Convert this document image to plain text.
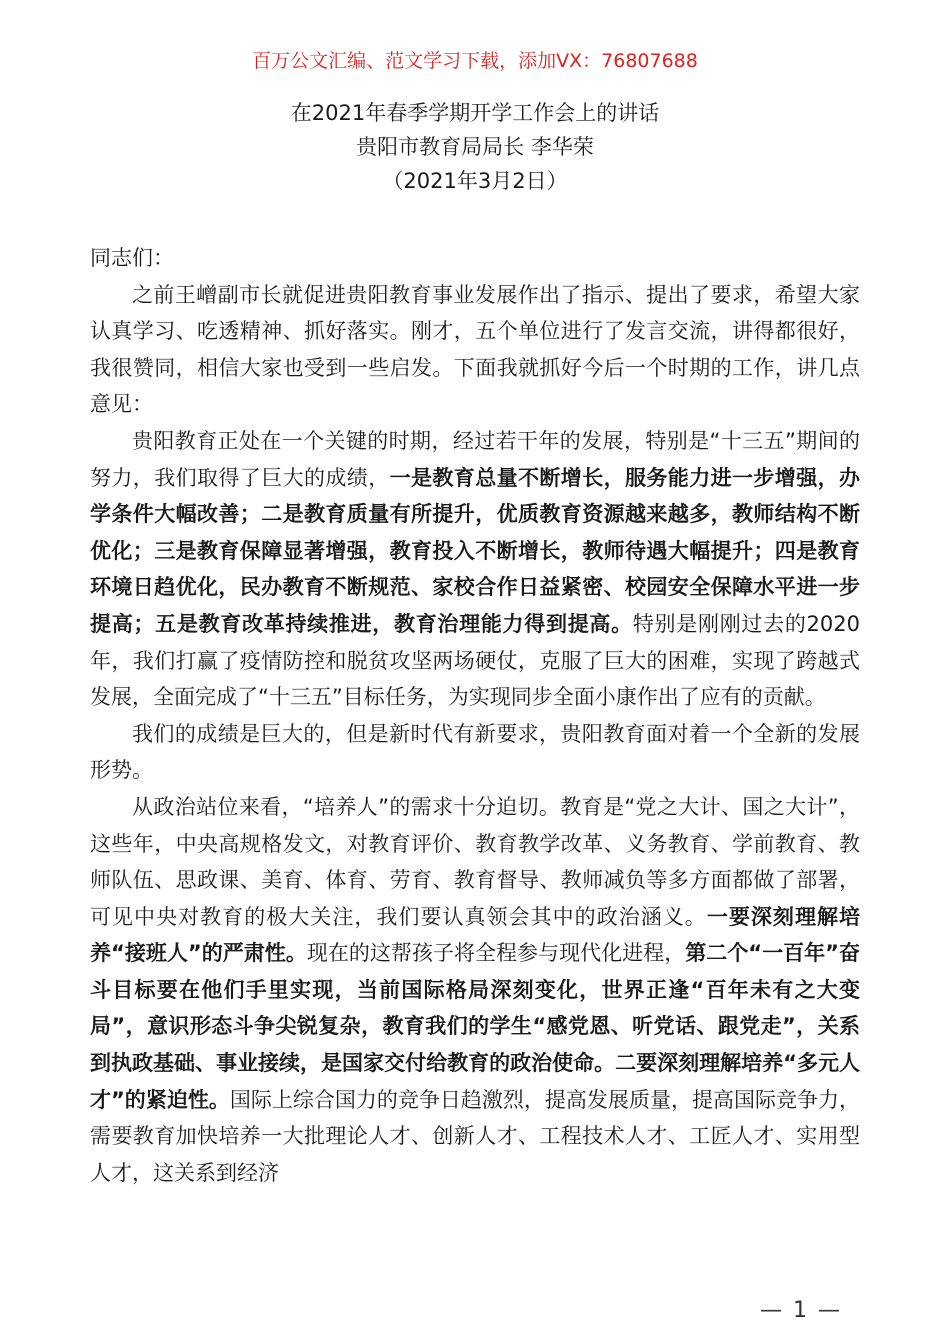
百万公文汇编、范文学习下载，添加VX：76807688
在2021年春季学期开学工作会上的讲话
贵阳市教育局局长 李华荣
（2021年3月2日）

同志们：

之前王嶒副市长就促进贵阳教育事业发展作出了指示、提出了要求，希望大家认真学习、吃透精神、抓好落实。刚才，五个单位进行了发言交流，讲得都很好，我很赞同，相信大家也受到一些启发。下面我就抓好今后一个时期的工作，讲几点意见：

贵阳教育正处在一个关键的时期，经过若干年的发展，特别是“十三五”期间的努力，我们取得了巨大的成绩，一是教育总量不断增长，服务能力进一步增强，办学条件大幅改善；二是教育质量有所提升，优质教育资源越来越多，教师结构不断优化；三是教育保障显著增强，教育投入不断增长，教师待遇大幅提升；四是教育环境日趋优化，民办教育不断规范、家校合作日益紧密、校园安全保障水平进一步提高；五是教育改革持续推进，教育治理能力得到提高。特别是刚刚过去的2020年，我们打赢了疫情防控和脱贫攻坚两场硬仗，克服了巨大的困难，实现了跨越式发展，全面完成了“十三五”目标任务，为实现同步全面小康作出了应有的贡献。

我们的成绩是巨大的，但是新时代有新要求，贵阳教育面对着一个全新的发展形势。

从政治站位来看，“培养人”的需求十分迫切。教育是“党之大计、国之大计”，这些年，中央高规格发文，对教育评价、教育教学改革、义务教育、学前教育、教师队伍、思政课、美育、体育、劳育、教育督导、教师减负等多方面都做了部署，可见中央对教育的极大关注，我们要认真领会其中的政治涵义。一要深刻理解培养“接班人”的严肃性。现在的这帮孩子将全程参与现代化进程，第二个“一百年”奋斗目标要在他们手里实现，当前国际格局深刻变化，世界正逢“百年未有之大变局”，意识形态斗争尖锐复杂，教育我们的学生“感党恩、听党话、跟党走”，关系到执政基础、事业接续，是国家交付给教育的政治使命。二要深刻理解培养“多元人才”的紧迫性。国际上综合国力的竞争日趋激烈，提高发展质量，提高国际竞争力，需要教育加快培养一大批理论人才、创新人才、工程技术人才、工匠人才、实用型人才，这关系到经济

— 1 —
